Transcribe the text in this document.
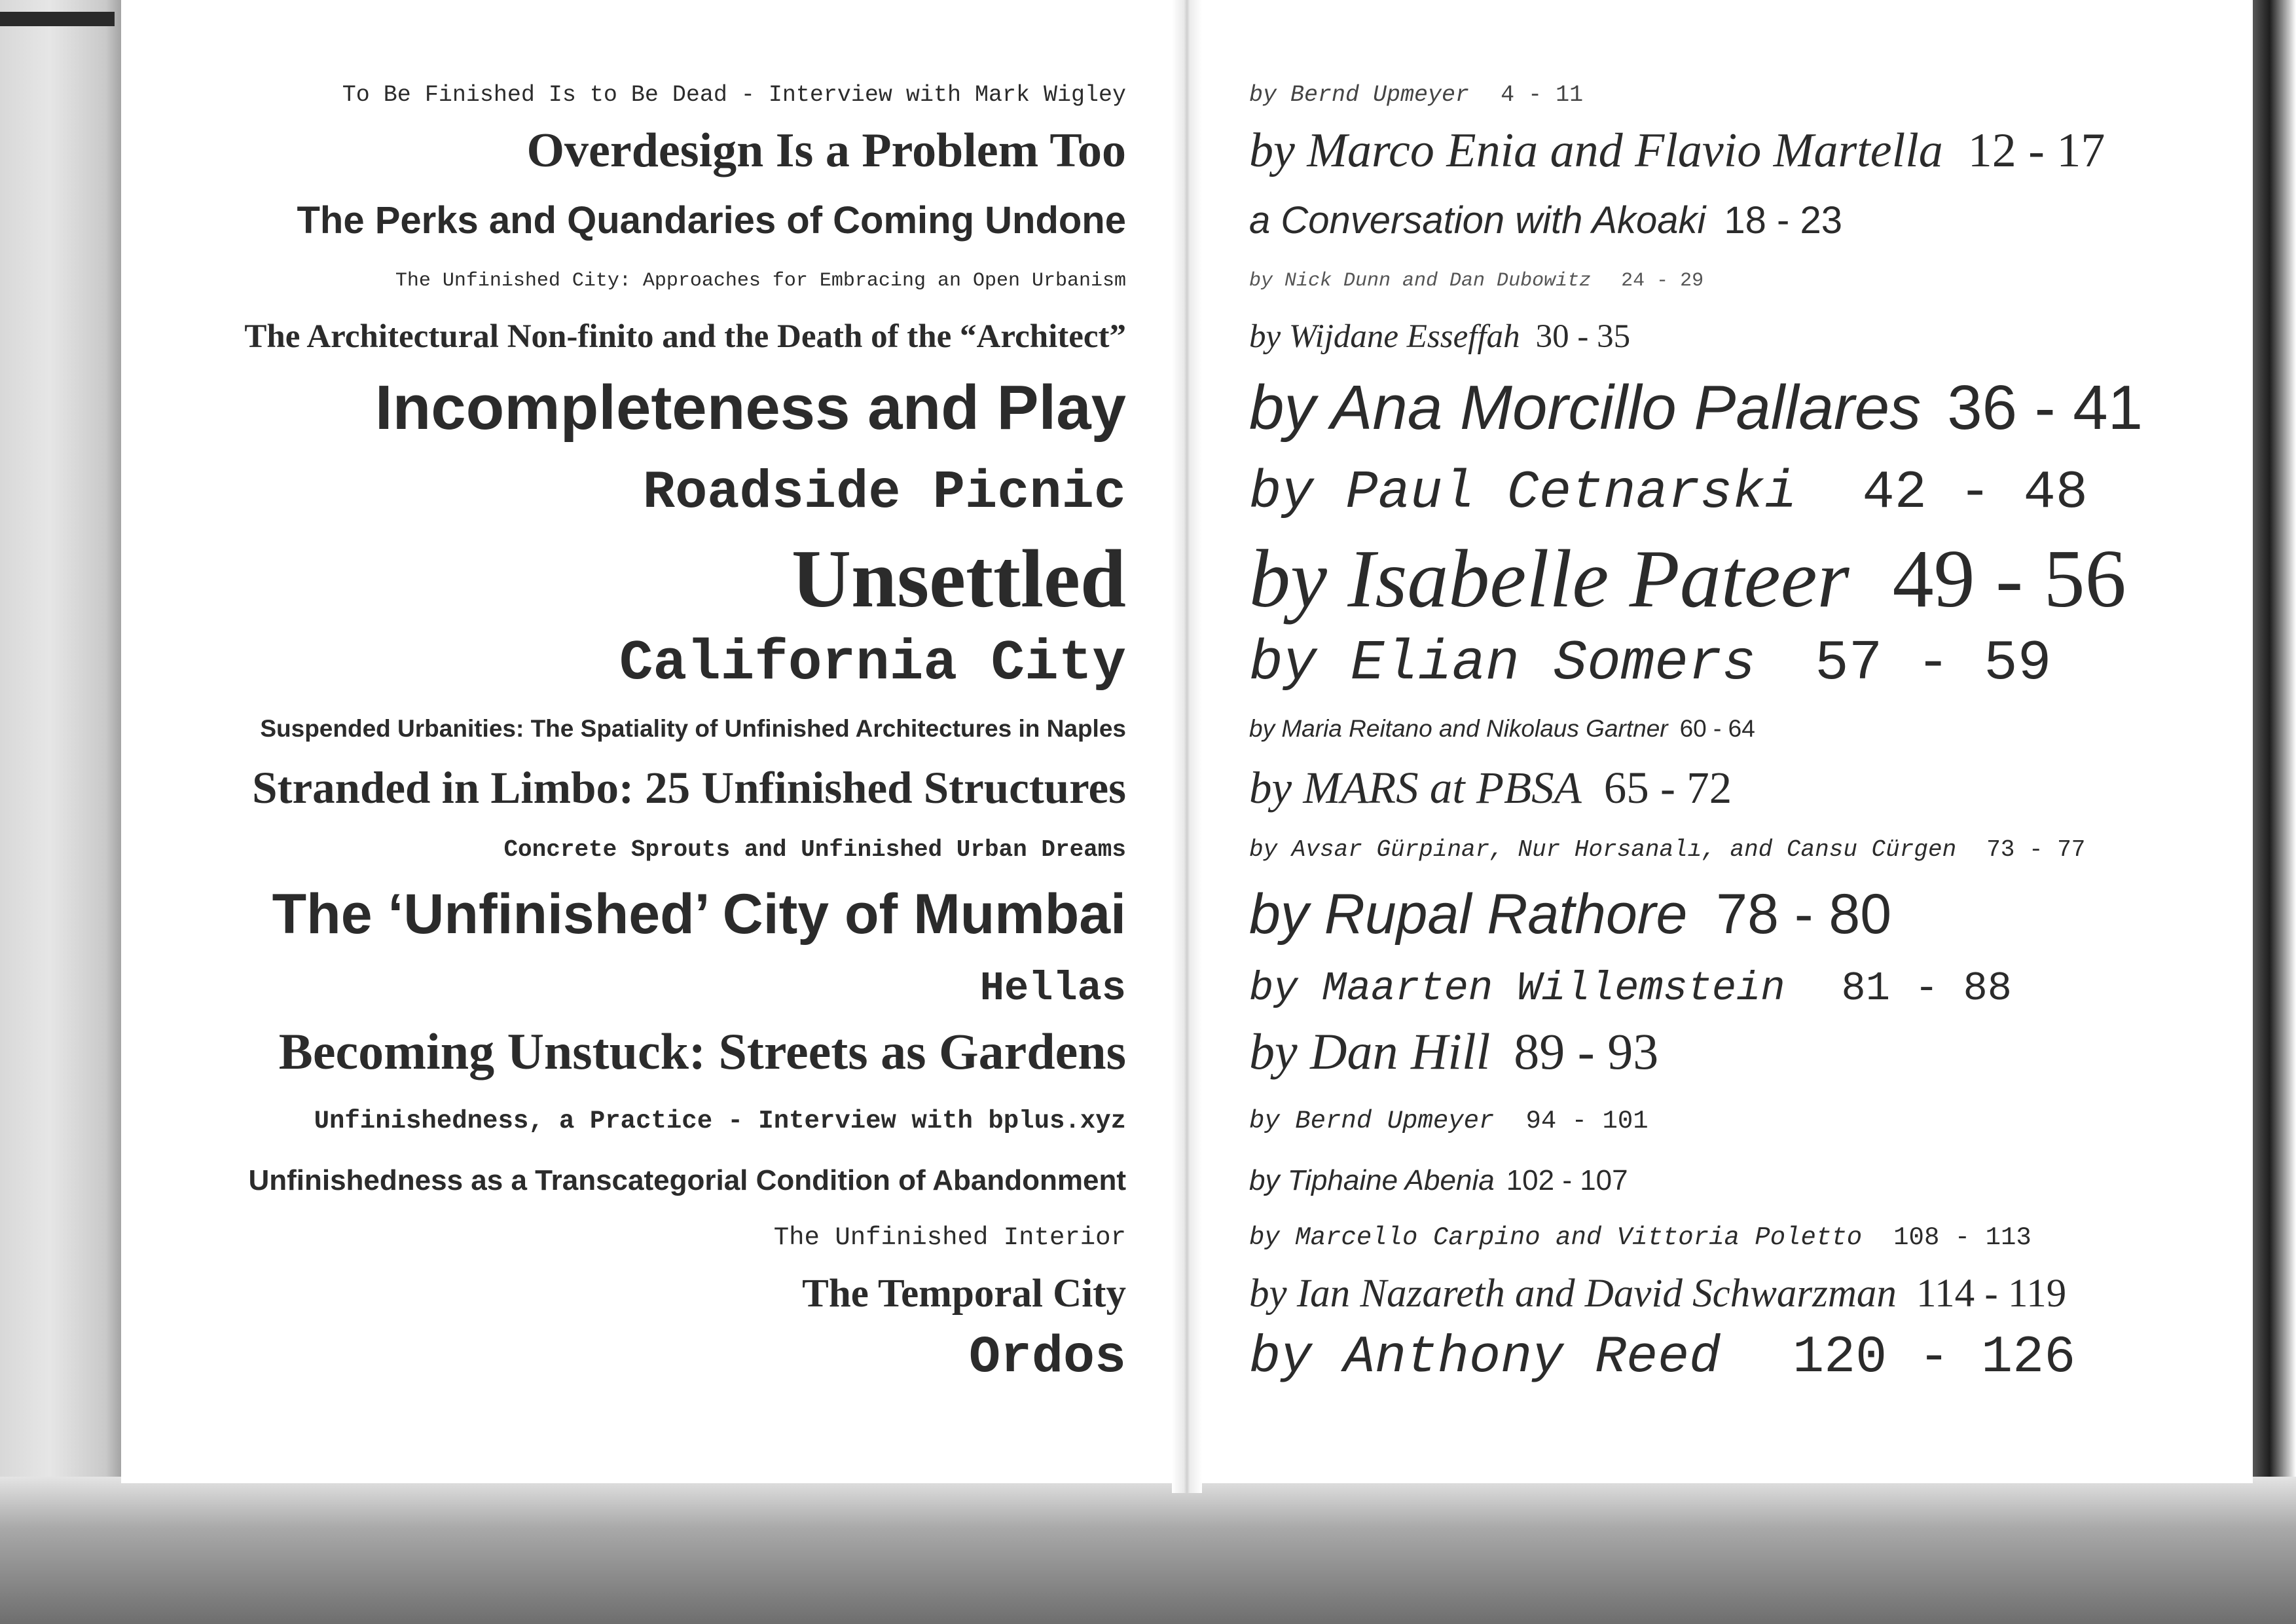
To Be Finished Is to Be Dead - Interview with Mark Wigley
Overdesign Is a Problem Too
The Perks and Quandaries of Coming Undone
The Unfinished City: Approaches for Embracing an Open Urbanism
The Architectural Non-finito and the Death of the “Architect”
Incompleteness and Play
Roadside Picnic
Unsettled
California City
Suspended Urbanities: The Spatiality of Unfinished Architectures in Naples
Stranded in Limbo: 25 Unfinished Structures
Concrete Sprouts and Unfinished Urban Dreams
The ‘Unfinished’ City of Mumbai
Hellas
Becoming Unstuck: Streets as Gardens
Unfinishedness, a Practice - Interview with bplus.xyz
Unfinishedness as a Transcategorial Condition of Abandonment
The Unfinished Interior
The Temporal City
Ordos
by Bernd Upmeyer 4 - 11
by Marco Enia and Flavio Martella 12 - 17
a Conversation with Akoaki 18 - 23
by Nick Dunn and Dan Dubowitz 24 - 29
by Wijdane Esseffah 30 - 35
by Ana Morcillo Pallares 36 - 41
by Paul Cetnarski 42 - 48
by Isabelle Pateer 49 - 56
by Elian Somers 57 - 59
by Maria Reitano and Nikolaus Gartner 60 - 64
by MARS at PBSA 65 - 72
by Avsar Gürpinar, Nur Horsanalı, and Cansu Cürgen 73 - 77
by Rupal Rathore 78 - 80
by Maarten Willemstein 81 - 88
by Dan Hill 89 - 93
by Bernd Upmeyer 94 - 101
by Tiphaine Abenia 102 - 107
by Marcello Carpino and Vittoria Poletto 108 - 113
by Ian Nazareth and David Schwarzman 114 - 119
by Anthony Reed 120 - 126
